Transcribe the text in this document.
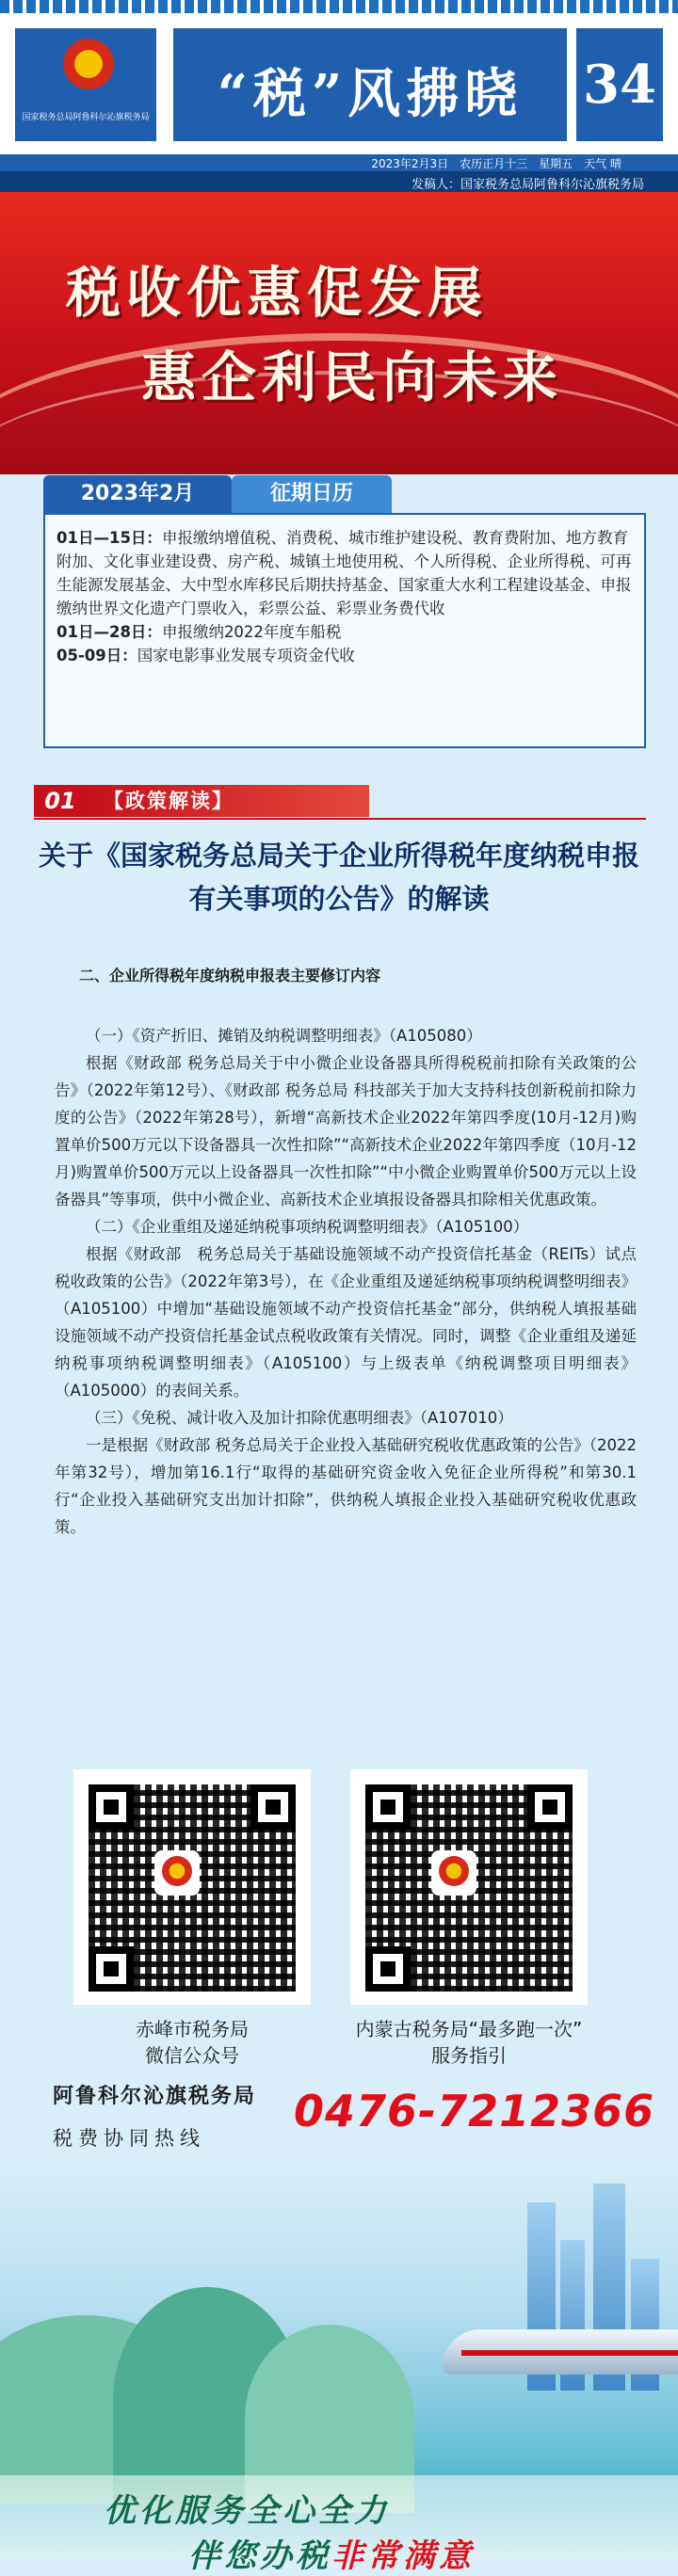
国家税务总局阿鲁科尔沁旗税务局	“税”风拂晓	34
2023年2月3日　农历正月十三　星期五　天气 晴
发稿人：国家税务总局阿鲁科尔沁旗税务局
税收优惠促发展
惠企利民向未来
2023年2月	征期日历

01日—15日：申报缴纳增值税、消费税、城市维护建设税、教育费附加、地方教育附加、文化事业建设费、房产税、城镇土地使用税、个人所得税、企业所得税、可再生能源发展基金、大中型水库移民后期扶持基金、国家重大水利工程建设基金、申报缴纳世界文化遗产门票收入，彩票公益、彩票业务费代收

01日—28日：申报缴纳2022年度车船税

05-09日：国家电影事业发展专项资金代收

01	【政策解读】
关于《国家税务总局关于企业所得税年度纳税申报有关事项的公告》的解读
二、企业所得税年度纳税申报表主要修订内容

（一）《资产折旧、摊销及纳税调整明细表》（A105080）

根据《财政部 税务总局关于中小微企业设备器具所得税税前扣除有关政策的公告》（2022年第12号）、《财政部 税务总局 科技部关于加大支持科技创新税前扣除力度的公告》（2022年第28号），新增“高新技术企业2022年第四季度(10月-12月)购置单价500万元以下设备器具一次性扣除”“高新技术企业2022年第四季度（10月-12月)购置单价500万元以上设备器具一次性扣除”“中小微企业购置单价500万元以上设备器具”等事项，供中小微企业、高新技术企业填报设备器具扣除相关优惠政策。

（二）《企业重组及递延纳税事项纳税调整明细表》（A105100）

根据《财政部　税务总局关于基础设施领域不动产投资信托基金（REITs）试点税收政策的公告》（2022年第3号），在《企业重组及递延纳税事项纳税调整明细表》（A105100）中增加“基础设施领域不动产投资信托基金”部分，供纳税人填报基础设施领域不动产投资信托基金试点税收政策有关情况。同时，调整《企业重组及递延纳税事项纳税调整明细表》（A105100）与上级表单《纳税调整项目明细表》（A105000）的表间关系。

（三）《免税、减计收入及加计扣除优惠明细表》（A107010）

一是根据《财政部 税务总局关于企业投入基础研究税收优惠政策的公告》（2022年第32号），增加第16.1行“取得的基础研究资金收入免征企业所得税”和第30.1行“企业投入基础研究支出加计扣除”，供纳税人填报企业投入基础研究税收优惠政策。

赤峰市税务局
微信公众号
内蒙古税务局“最多跑一次”
服务指引
阿鲁科尔沁旗税务局
税费协同热线
0476-7212366
优化服务全心全力
伴您办税非常满意
